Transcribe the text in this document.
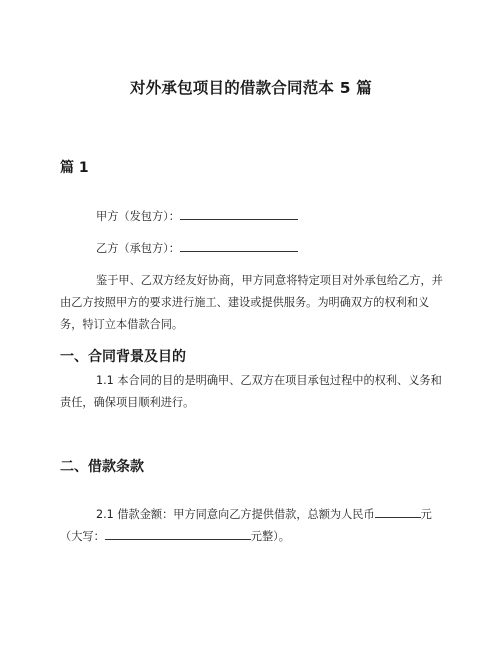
对外承包项目的借款合同范本 5 篇
篇 1
甲方（发包方）：
乙方（承包方）：
鉴于甲、乙双方经友好协商，甲方同意将特定项目对外承包给乙方，并由乙方按照甲方的要求进行施工、建设或提供服务。为明确双方的权利和义务，特订立本借款合同。
一、合同背景及目的
1.1 本合同的目的是明确甲、乙双方在项目承包过程中的权利、义务和责任，确保项目顺利进行。
二、借款条款
2.1 借款金额：甲方同意向乙方提供借款，总额为人民币	元（大写：	元整）。
